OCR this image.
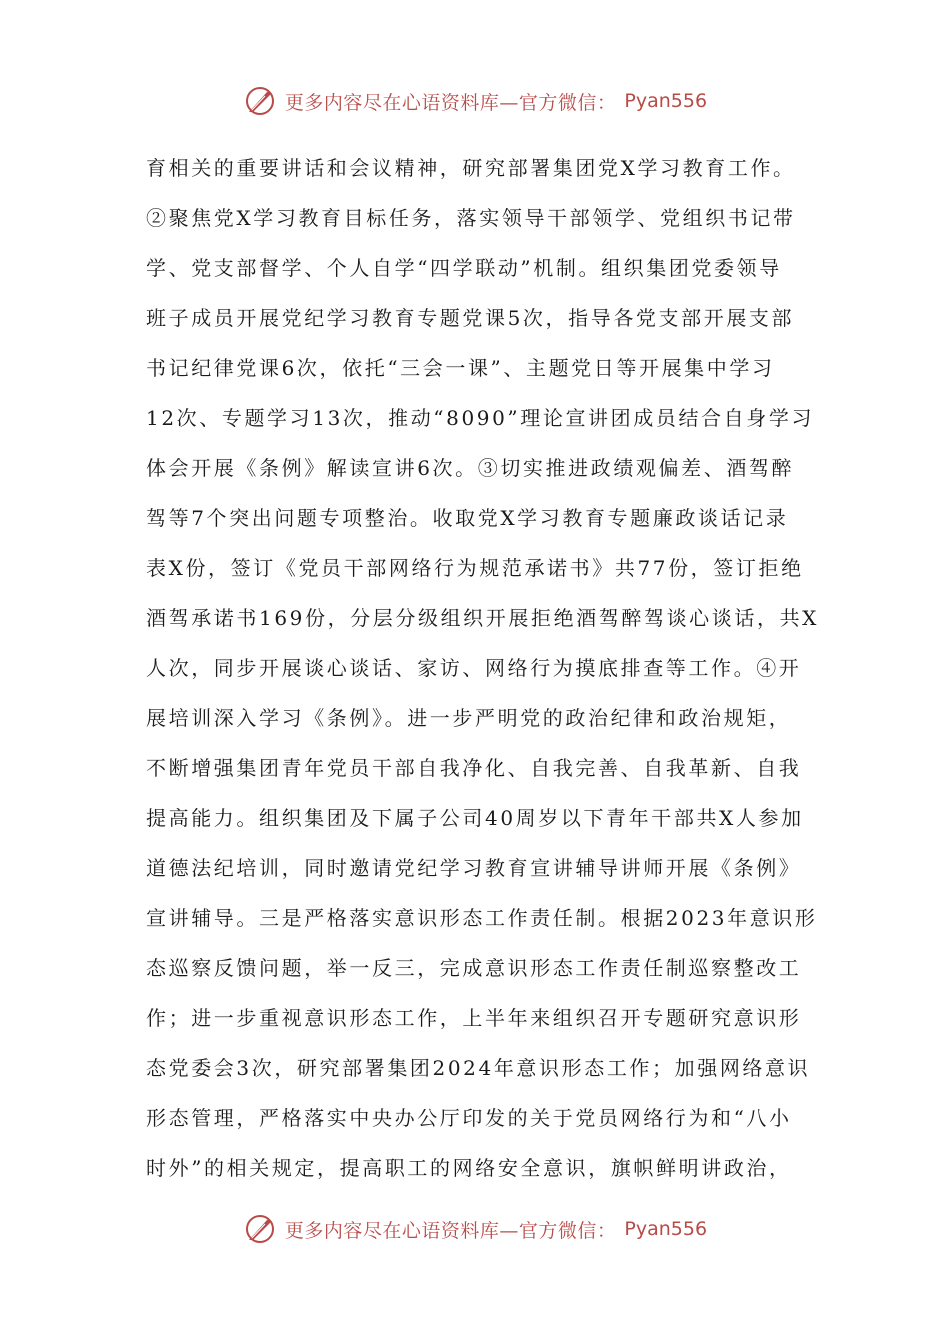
更多内容尽在心语资料库—官方微信： Pyan556
育相关的重要讲话和会议精神，研究部署集团党X学习教育工作。
②聚焦党X学习教育目标任务，落实领导干部领学、党组织书记带
学、党支部督学、个人自学“四学联动”机制。组织集团党委领导
班子成员开展党纪学习教育专题党课5次，指导各党支部开展支部
书记纪律党课6次，依托“三会一课”、主题党日等开展集中学习
12次、专题学习13次，推动“8090”理论宣讲团成员结合自身学习
体会开展《条例》解读宣讲6次。③切实推进政绩观偏差、酒驾醉
驾等7个突出问题专项整治。收取党X学习教育专题廉政谈话记录
表X份，签订《党员干部网络行为规范承诺书》共77份，签订拒绝
酒驾承诺书169份，分层分级组织开展拒绝酒驾醉驾谈心谈话，共X
人次，同步开展谈心谈话、家访、网络行为摸底排查等工作。④开
展培训深入学习《条例》。进一步严明党的政治纪律和政治规矩，
不断增强集团青年党员干部自我净化、自我完善、自我革新、自我
提高能力。组织集团及下属子公司40周岁以下青年干部共X人参加
道德法纪培训，同时邀请党纪学习教育宣讲辅导讲师开展《条例》
宣讲辅导。三是严格落实意识形态工作责任制。根据2023年意识形
态巡察反馈问题，举一反三，完成意识形态工作责任制巡察整改工
作；进一步重视意识形态工作，上半年来组织召开专题研究意识形
态党委会3次，研究部署集团2024年意识形态工作；加强网络意识
形态管理，严格落实中央办公厅印发的关于党员网络行为和“八小
时外”的相关规定，提高职工的网络安全意识，旗帜鲜明讲政治，
更多内容尽在心语资料库—官方微信： Pyan556
